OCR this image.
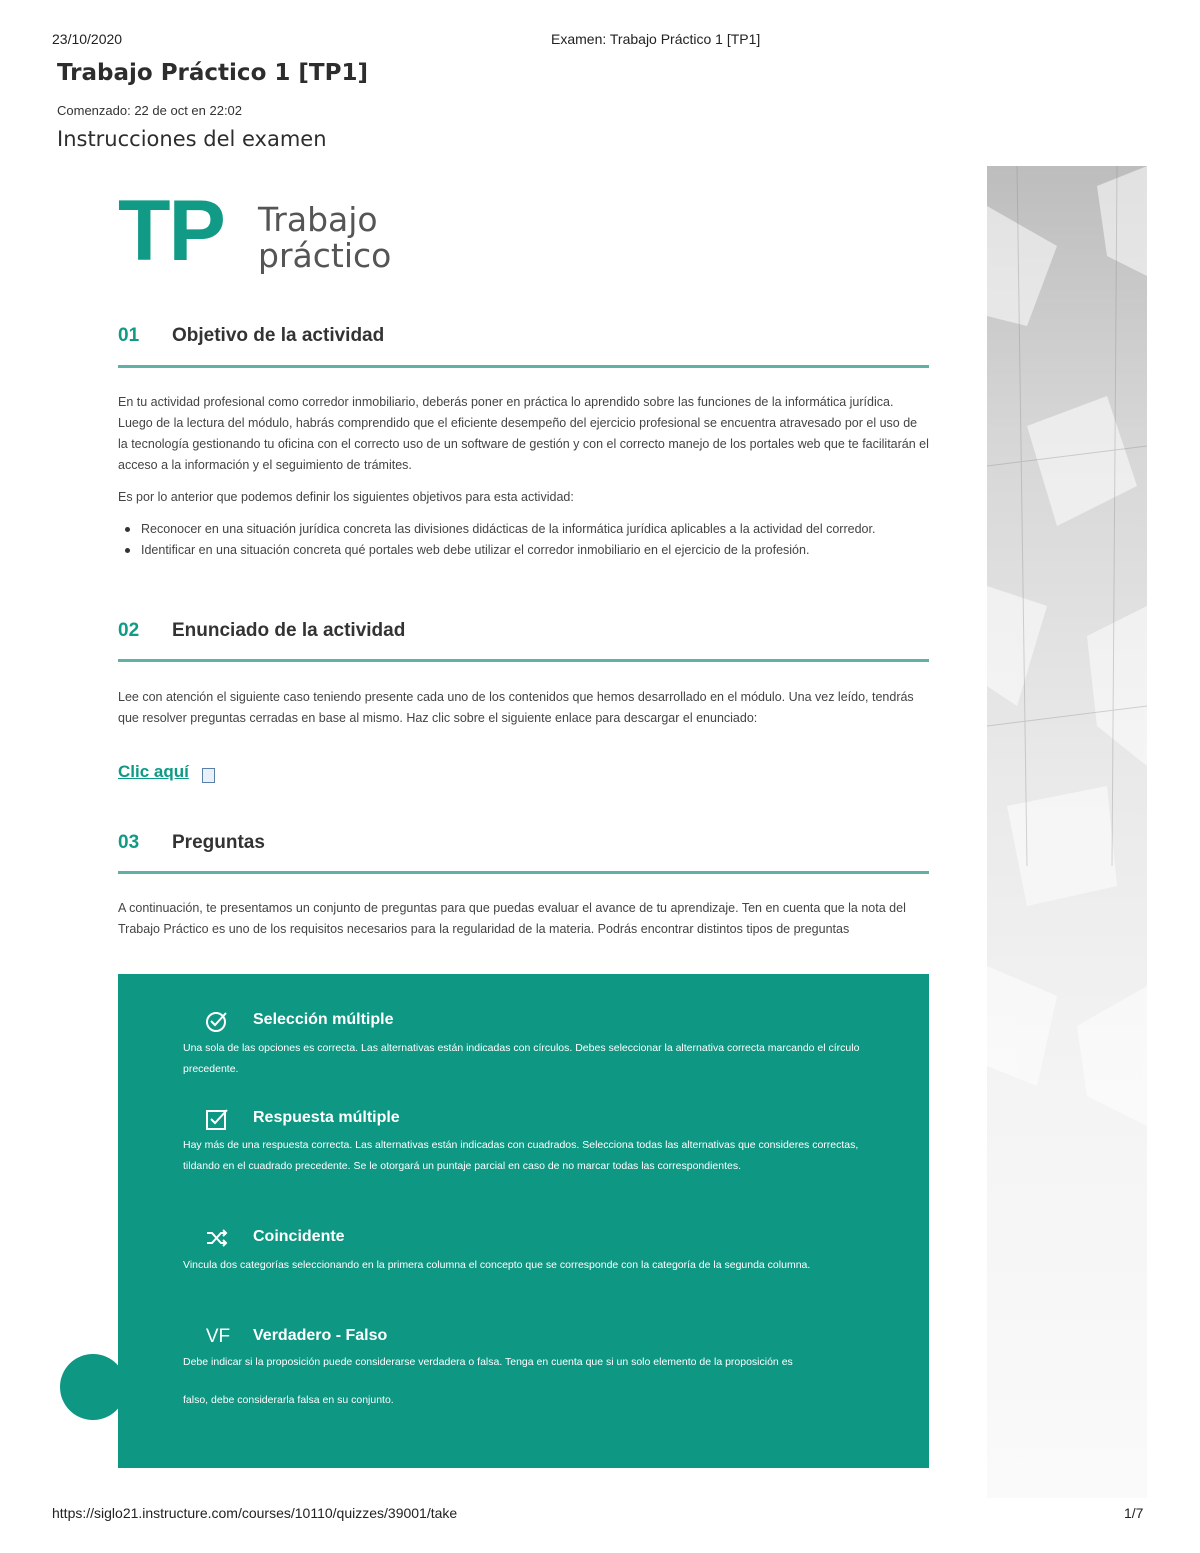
23/10/2020	Examen: Trabajo Práctico 1 [TP1]
Trabajo Práctico 1 [TP1]
Comenzado: 22 de oct en 22:02
Instrucciones del examen
TP Trabajo
práctico
01 Objetivo de la actividad

En tu actividad profesional como corredor inmobiliario, deberás poner en práctica lo aprendido sobre las funciones de la informática jurídica. Luego de la lectura del módulo, habrás comprendido que el eficiente desempeño del ejercicio profesional se encuentra atravesado por el uso de la tecnología gestionando tu oficina con el correcto uso de un software de gestión y con el correcto manejo de los portales web que te facilitarán el acceso a la información y el seguimiento de trámites.

Es por lo anterior que podemos definir los siguientes objetivos para esta actividad:

Reconocer en una situación jurídica concreta las divisiones didácticas de la informática jurídica aplicables a la actividad del corredor.
Identificar en una situación concreta qué portales web debe utilizar el corredor inmobiliario en el ejercicio de la profesión.
02 Enunciado de la actividad

Lee con atención el siguiente caso teniendo presente cada uno de los contenidos que hemos desarrollado en el módulo. Una vez leído, tendrás que resolver preguntas cerradas en base al mismo. Haz clic sobre el siguiente enlace para descargar el enunciado:

Clic aquí
03 Preguntas

A continuación, te presentamos un conjunto de preguntas para que puedas evaluar el avance de tu aprendizaje. Ten en cuenta que la nota del Trabajo Práctico es uno de los requisitos necesarios para la regularidad de la materia. Podrás encontrar distintos tipos de preguntas

Selección múltiple

Una sola de las opciones es correcta. Las alternativas están indicadas con círculos. Debes seleccionar la alternativa correcta marcando el círculo precedente.

Respuesta múltiple

Hay más de una respuesta correcta. Las alternativas están indicadas con cuadrados. Selecciona todas las alternativas que consideres correctas, tildando en el cuadrado precedente. Se le otorgará un puntaje parcial en caso de no marcar todas las correspondientes.

Coincidente

Vincula dos categorías seleccionando en la primera columna el concepto que se corresponde con la categoría de la segunda columna.

VF Verdadero - Falso

Debe indicar si la proposición puede considerarse verdadera o falsa. Tenga en cuenta que si un solo elemento de la proposición es

falso, debe considerarla falsa en su conjunto.

https://siglo21.instructure.com/courses/10110/quizzes/39001/take	1/7
